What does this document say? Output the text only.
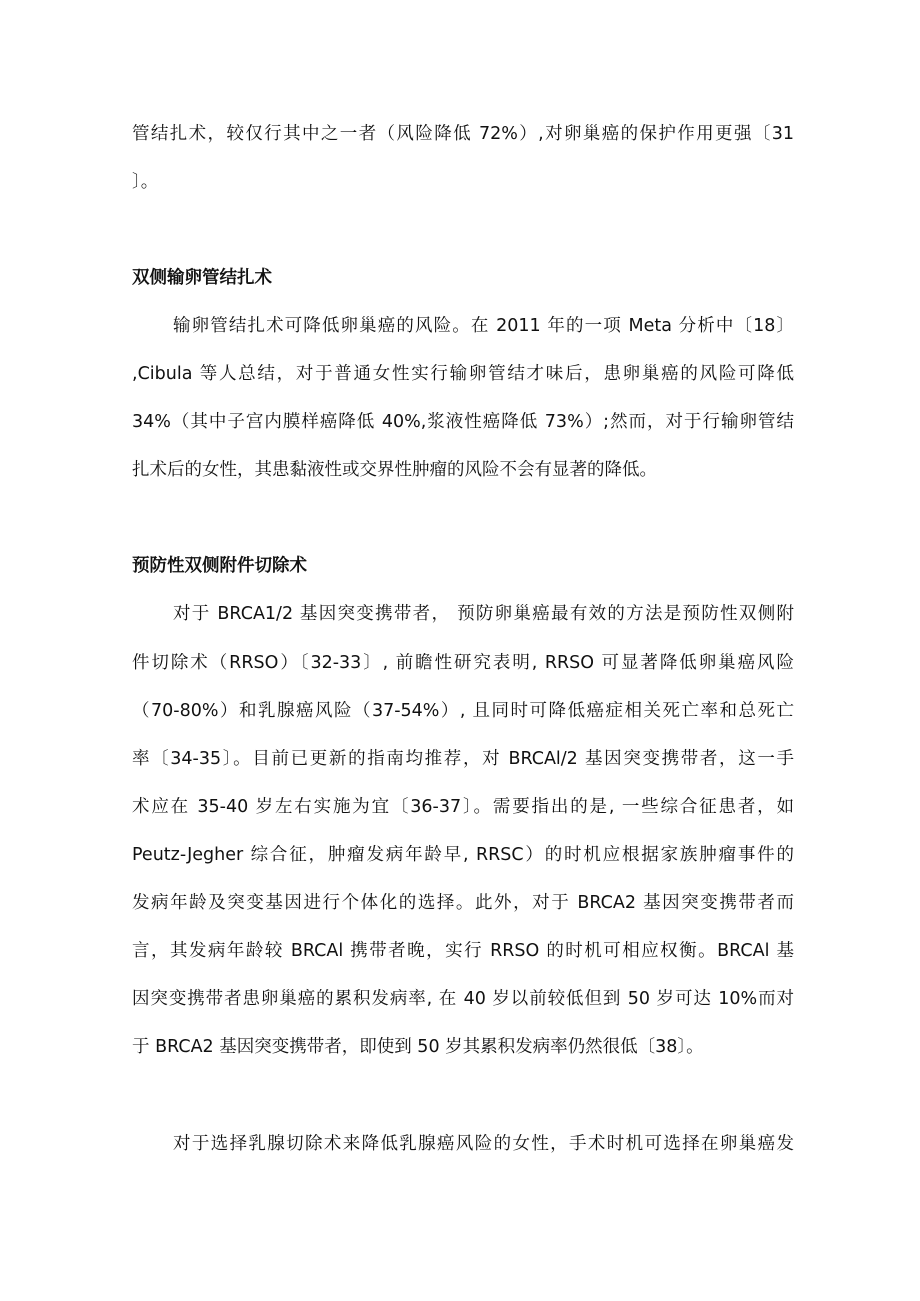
管结扎术，较仅行其中之一者（风险降低 72%）,对卵巢癌的保护作用更强〔31
〕。
双侧输卵管结扎术
输卵管结扎术可降低卵巢癌的风险。在 2011 年的一项 Meta 分析中〔18〕
,Cibula 等人总结，对于普通女性实行输卵管结才味后，患卵巢癌的风险可降低
34%（其中子宫内膜样癌降低 40%,浆液性癌降低 73%）;然而，对于行输卵管结
扎术后的女性，其患黏液性或交界性肿瘤的风险不会有显著的降低。
预防性双侧附件切除术
对于 BRCA1/2 基因突变携带者， 预防卵巢癌最有效的方法是预防性双侧附
件切除术（RRSO）〔32-33〕, 前瞻性研究表明, RRSO 可显著降低卵巢癌风险
（70-80%）和乳腺癌风险（37-54%）, 且同时可降低癌症相关死亡率和总死亡
率〔34-35〕。目前已更新的指南均推荐，对 BRCAl/2 基因突变携带者，这一手
术应在 35-40 岁左右实施为宜〔36-37〕。需要指出的是, 一些综合征患者，如
Peutz-Jegher 综合征，肿瘤发病年龄早, RRSC）的时机应根据家族肿瘤事件的
发病年龄及突变基因进行个体化的选择。此外，对于 BRCA2 基因突变携带者而
言，其发病年龄较 BRCAl 携带者晚，实行 RRSO 的时机可相应权衡。BRCAl 基
因突变携带者患卵巢癌的累积发病率, 在 40 岁以前较低但到 50 岁可达 10%而对
于 BRCA2 基因突变携带者，即使到 50 岁其累积发病率仍然很低〔38〕。
对于选择乳腺切除术来降低乳腺癌风险的女性，手术时机可选择在卵巢癌发
